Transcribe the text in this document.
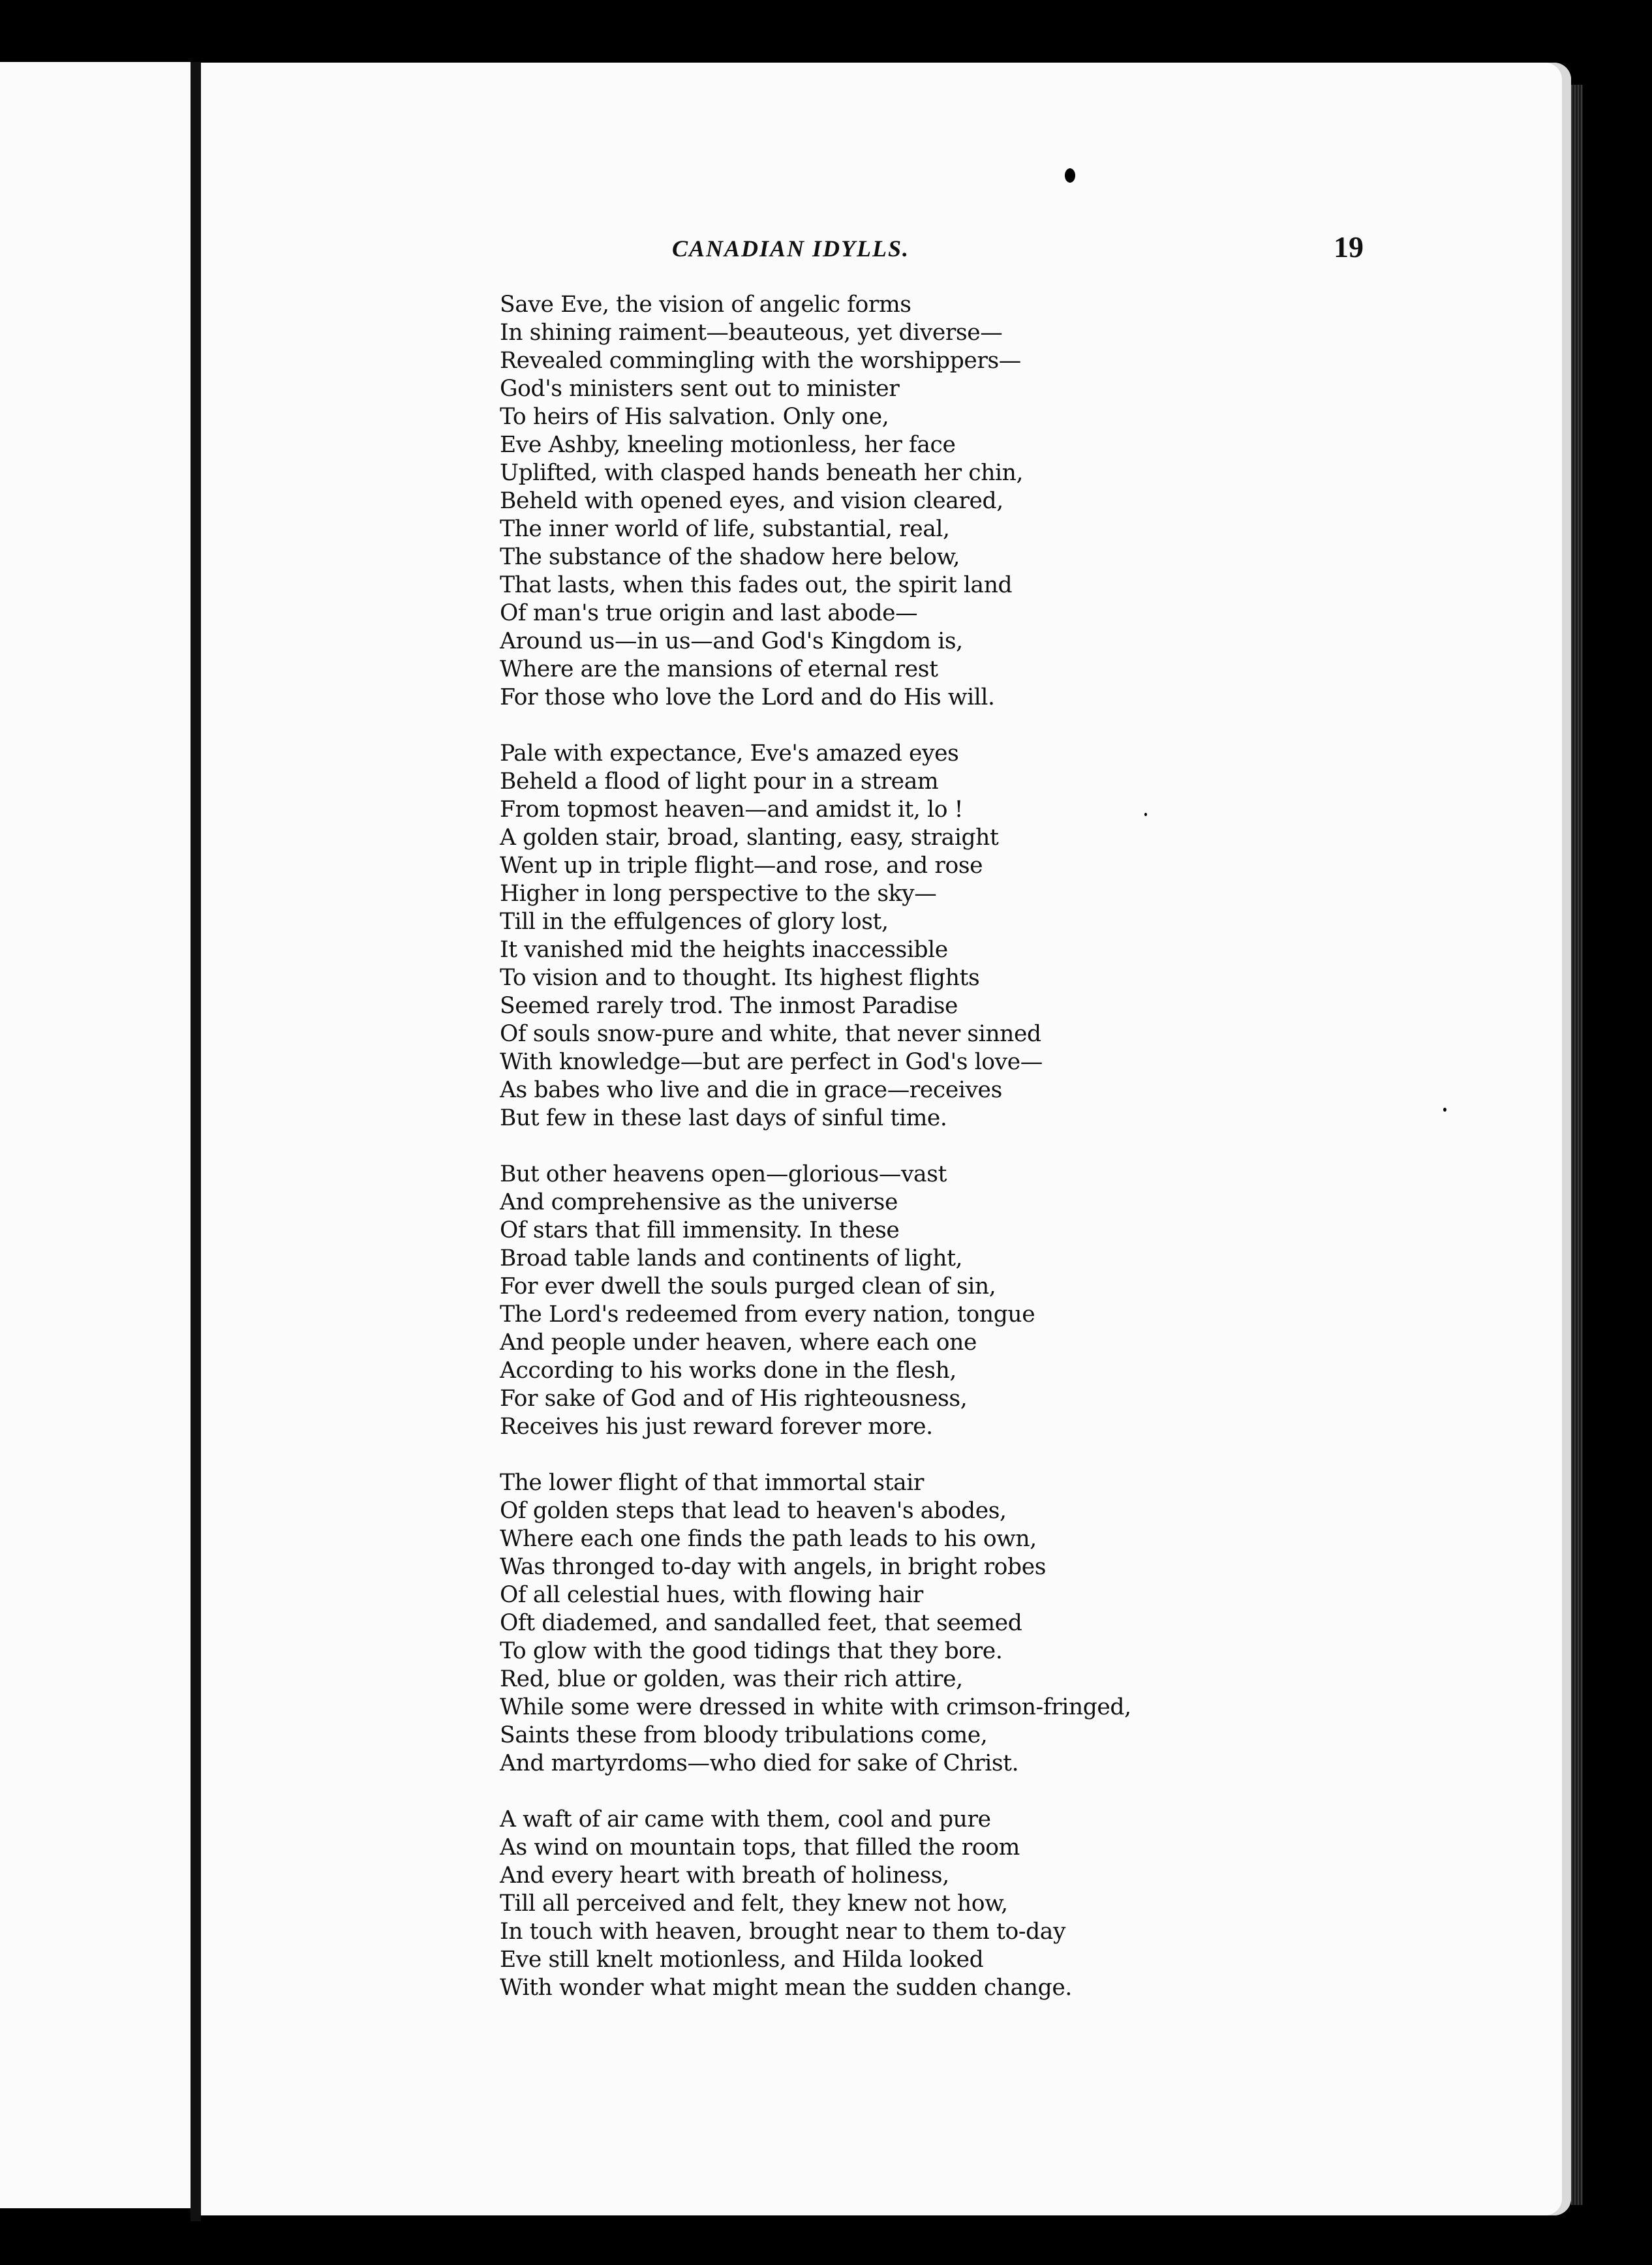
CANADIAN IDYLLS.	19
Save Eve, the vision of angelic forms
In shining raiment—beauteous, yet diverse—
Revealed commingling with the worshippers—
God's ministers sent out to minister
To heirs of His salvation. Only one,
Eve Ashby, kneeling motionless, her face
Uplifted, with clasped hands beneath her chin,
Beheld with opened eyes, and vision cleared,
The inner world of life, substantial, real,
The substance of the shadow here below,
That lasts, when this fades out, the spirit land
Of man's true origin and last abode—
Around us—in us—and God's Kingdom is,
Where are the mansions of eternal rest
For those who love the Lord and do His will.
Pale with expectance, Eve's amazed eyes
Beheld a flood of light pour in a stream
From topmost heaven—and amidst it, lo !
A golden stair, broad, slanting, easy, straight
Went up in triple flight—and rose, and rose
Higher in long perspective to the sky—
Till in the effulgences of glory lost,
It vanished mid the heights inaccessible
To vision and to thought. Its highest flights
Seemed rarely trod. The inmost Paradise
Of souls snow-pure and white, that never sinned
With knowledge—but are perfect in God's love—
As babes who live and die in grace—receives
But few in these last days of sinful time.
But other heavens open—glorious—vast
And comprehensive as the universe
Of stars that fill immensity. In these
Broad table lands and continents of light,
For ever dwell the souls purged clean of sin,
The Lord's redeemed from every nation, tongue
And people under heaven, where each one
According to his works done in the flesh,
For sake of God and of His righteousness,
Receives his just reward forever more.
The lower flight of that immortal stair
Of golden steps that lead to heaven's abodes,
Where each one finds the path leads to his own,
Was thronged to-day with angels, in bright robes
Of all celestial hues, with flowing hair
Oft diademed, and sandalled feet, that seemed
To glow with the good tidings that they bore.
Red, blue or golden, was their rich attire,
While some were dressed in white with crimson-fringed,
Saints these from bloody tribulations come,
And martyrdoms—who died for sake of Christ.
A waft of air came with them, cool and pure
As wind on mountain tops, that filled the room
And every heart with breath of holiness,
Till all perceived and felt, they knew not how,
In touch with heaven, brought near to them to-day
Eve still knelt motionless, and Hilda looked
With wonder what might mean the sudden change.
